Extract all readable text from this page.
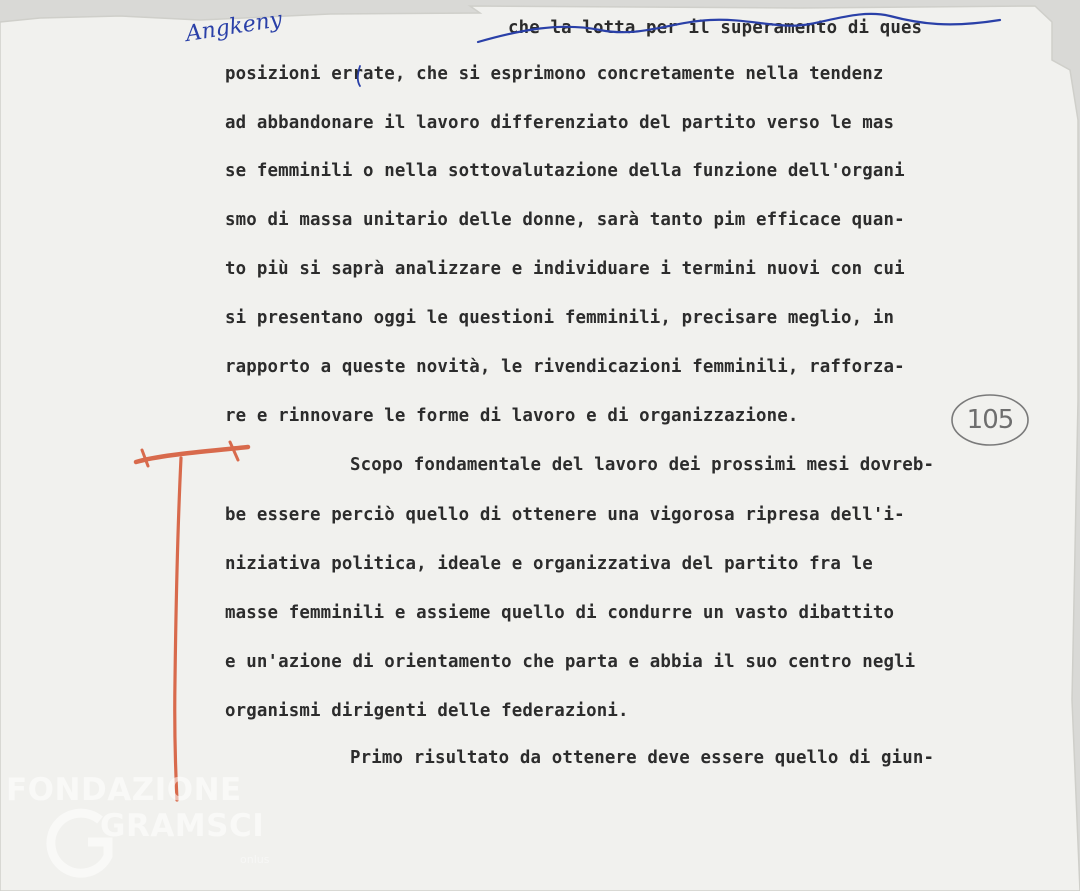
che la lotta per il superamento di ques

posizioni errate, che si esprimono concretamente nella tendenz

ad abbandonare il lavoro differenziato del partito verso le mas

se femminili o nella sottovalutazione della funzione dell'organi

smo di massa unitario delle donne, sarà tanto pim efficace quan-

to più si saprà analizzare e individuare i termini nuovi con cui

si presentano oggi le questioni femminili, precisare meglio, in

rapporto a queste novità, le rivendicazioni femminili, rafforza-

re e rinnovare le forme di lavoro e di organizzazione.

Scopo fondamentale del lavoro dei prossimi mesi dovreb-

be essere perciò quello di ottenere una vigorosa ripresa dell'i-

niziativa politica, ideale e organizzativa del partito fra le

masse femminili e assieme quello di condurre un vasto dibattito

e un'azione di orientamento che parta e abbia il suo centro negli

organismi dirigenti delle federazioni.

Primo risultato da ottenere deve essere quello di giun-

Angkeny

105

FONDAZIONE

GRAMSCI

onlus
